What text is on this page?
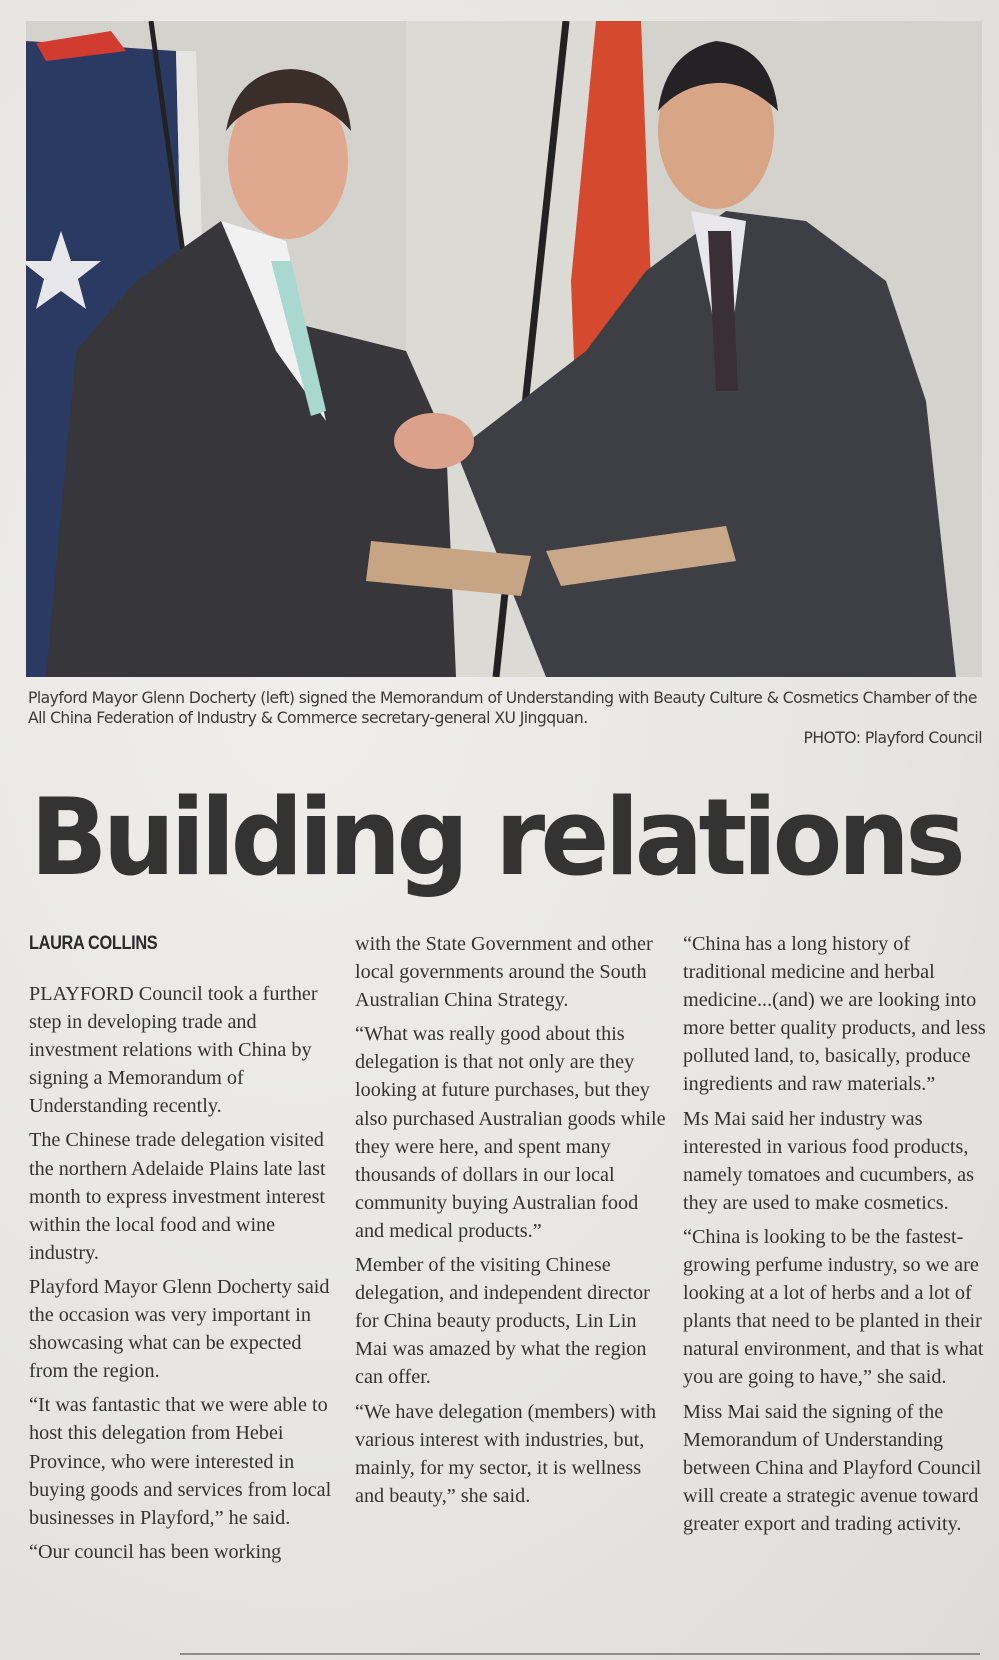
Playford Mayor Glenn Docherty (left) signed the Memorandum of Understanding with Beauty Culture & Cosmetics Chamber of the All China Federation of Industry & Commerce secretary-general XU Jingquan.
PHOTO: Playford Council
Building relations
LAURA COLLINS

PLAYFORD Council took a further step in developing trade and investment relations with China by signing a Memorandum of Understanding recently.

The Chinese trade delegation visited the northern Adelaide Plains late last month to express investment interest within the local food and wine industry.

Playford Mayor Glenn Docherty said the occasion was very important in showcasing what can be expected from the region.

“It was fantastic that we were able to host this delegation from Hebei Province, who were interested in buying goods and services from local businesses in Playford,” he said.

“Our council has been working

with the State Government and other local governments around the South Australian China Strategy.

“What was really good about this delegation is that not only are they looking at future purchases, but they also purchased Australian goods while they were here, and spent many thousands of dollars in our local community buying Australian food and medical products.”

Member of the visiting Chinese delegation, and independent director for China beauty products, Lin Lin Mai was amazed by what the region can offer.

“We have delegation (members) with various interest with industries, but, mainly, for my sector, it is wellness and beauty,” she said.

“China has a long history of traditional medicine and herbal medicine...(and) we are looking into more better quality products, and less polluted land, to, basically, produce ingredients and raw materials.”

Ms Mai said her industry was interested in various food products, namely tomatoes and cucumbers, as they are used to make cosmetics.

“China is looking to be the fastest-growing perfume industry, so we are looking at a lot of herbs and a lot of plants that need to be planted in their natural environment, and that is what you are going to have,” she said.

Miss Mai said the signing of the Memorandum of Understanding between China and Playford Council will create a strategic avenue toward greater export and trading activity.
